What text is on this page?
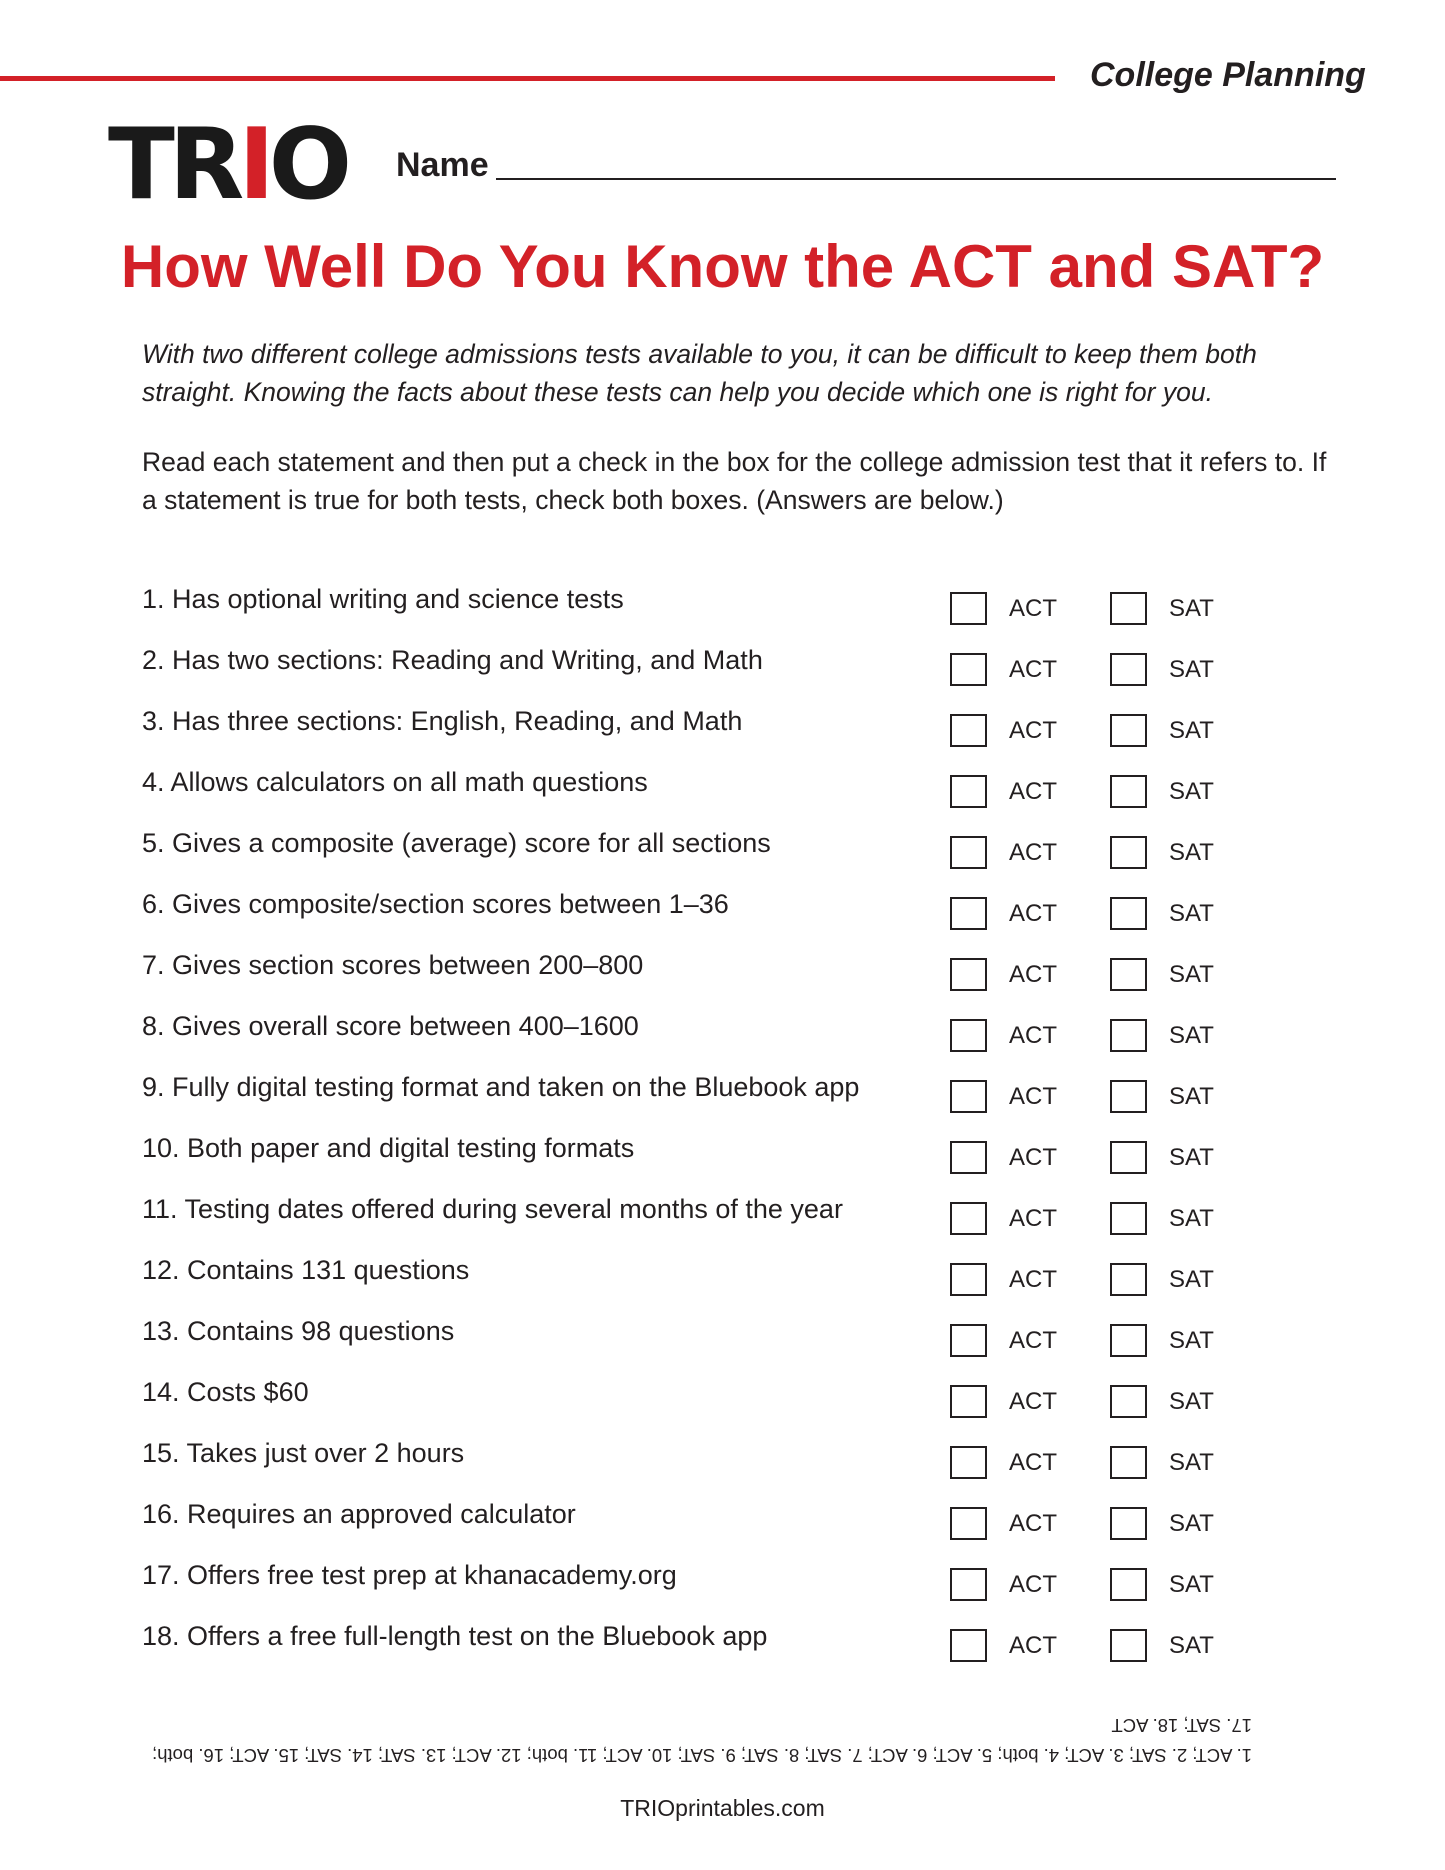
College Planning
TRIO Name
How Well Do You Know the ACT and SAT?
With two different college admissions tests available to you, it can be difficult to keep them both straight. Knowing the facts about these tests can help you decide which one is right for you.
Read each statement and then put a check in the box for the college admission test that it refers to. If a statement is true for both tests, check both boxes. (Answers are below.)
1. Has optional writing and science tests	ACT	SAT
2. Has two sections: Reading and Writing, and Math	ACT	SAT
3. Has three sections: English, Reading, and Math	ACT	SAT
4. Allows calculators on all math questions	ACT	SAT
5. Gives a composite (average) score for all sections	ACT	SAT
6. Gives composite/section scores between 1–36	ACT	SAT
7. Gives section scores between 200–800	ACT	SAT
8. Gives overall score between 400–1600	ACT	SAT
9. Fully digital testing format and taken on the Bluebook app	ACT	SAT
10. Both paper and digital testing formats	ACT	SAT
11. Testing dates offered during several months of the year	ACT	SAT
12. Contains 131 questions	ACT	SAT
13. Contains 98 questions	ACT	SAT
14. Costs $60	ACT	SAT
15. Takes just over 2 hours	ACT	SAT
16. Requires an approved calculator	ACT	SAT
17. Offers free test prep at khanacademy.org	ACT	SAT
18. Offers a free full-length test on the Bluebook app	ACT	SAT
1. ACT; 2. SAT; 3. ACT; 4. both; 5. ACT; 6. ACT; 7. SAT; 8. SAT; 9. SAT; 10. ACT; 11. both; 12. ACT; 13. SAT; 14. SAT; 15. ACT; 16. both;
17. SAT; 18. ACT
TRIOprintables.com
